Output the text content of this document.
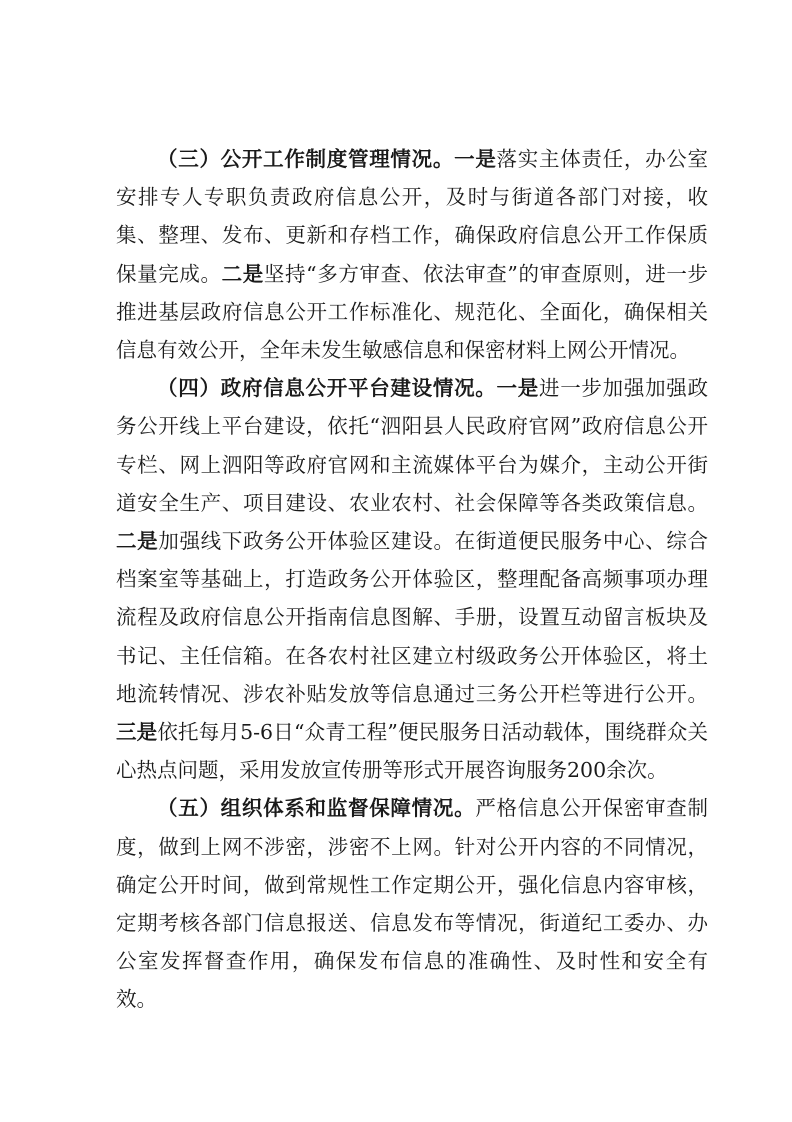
（三）公开工作制度管理情况。一是落实主体责任，办公室安排专人专职负责政府信息公开，及时与街道各部门对接，收集、整理、发布、更新和存档工作，确保政府信息公开工作保质保量完成。二是坚持“多方审查、依法审查”的审查原则，进一步推进基层政府信息公开工作标准化、规范化、全面化，确保相关信息有效公开，全年未发生敏感信息和保密材料上网公开情况。

（四）政府信息公开平台建设情况。一是进一步加强加强政务公开线上平台建设，依托“泗阳县人民政府官网”政府信息公开专栏、网上泗阳等政府官网和主流媒体平台为媒介，主动公开街道安全生产、项目建设、农业农村、社会保障等各类政策信息。二是加强线下政务公开体验区建设。在街道便民服务中心、综合档案室等基础上，打造政务公开体验区，整理配备高频事项办理流程及政府信息公开指南信息图解、手册，设置互动留言板块及书记、主任信箱。在各农村社区建立村级政务公开体验区，将土地流转情况、涉农补贴发放等信息通过三务公开栏等进行公开。三是依托每月5-6日“众青工程”便民服务日活动载体，围绕群众关心热点问题，采用发放宣传册等形式开展咨询服务200余次。

（五）组织体系和监督保障情况。严格信息公开保密审查制度，做到上网不涉密，涉密不上网。针对公开内容的不同情况，确定公开时间，做到常规性工作定期公开，强化信息内容审核，定期考核各部门信息报送、信息发布等情况，街道纪工委办、办公室发挥督查作用，确保发布信息的准确性、及时性和安全有效。
